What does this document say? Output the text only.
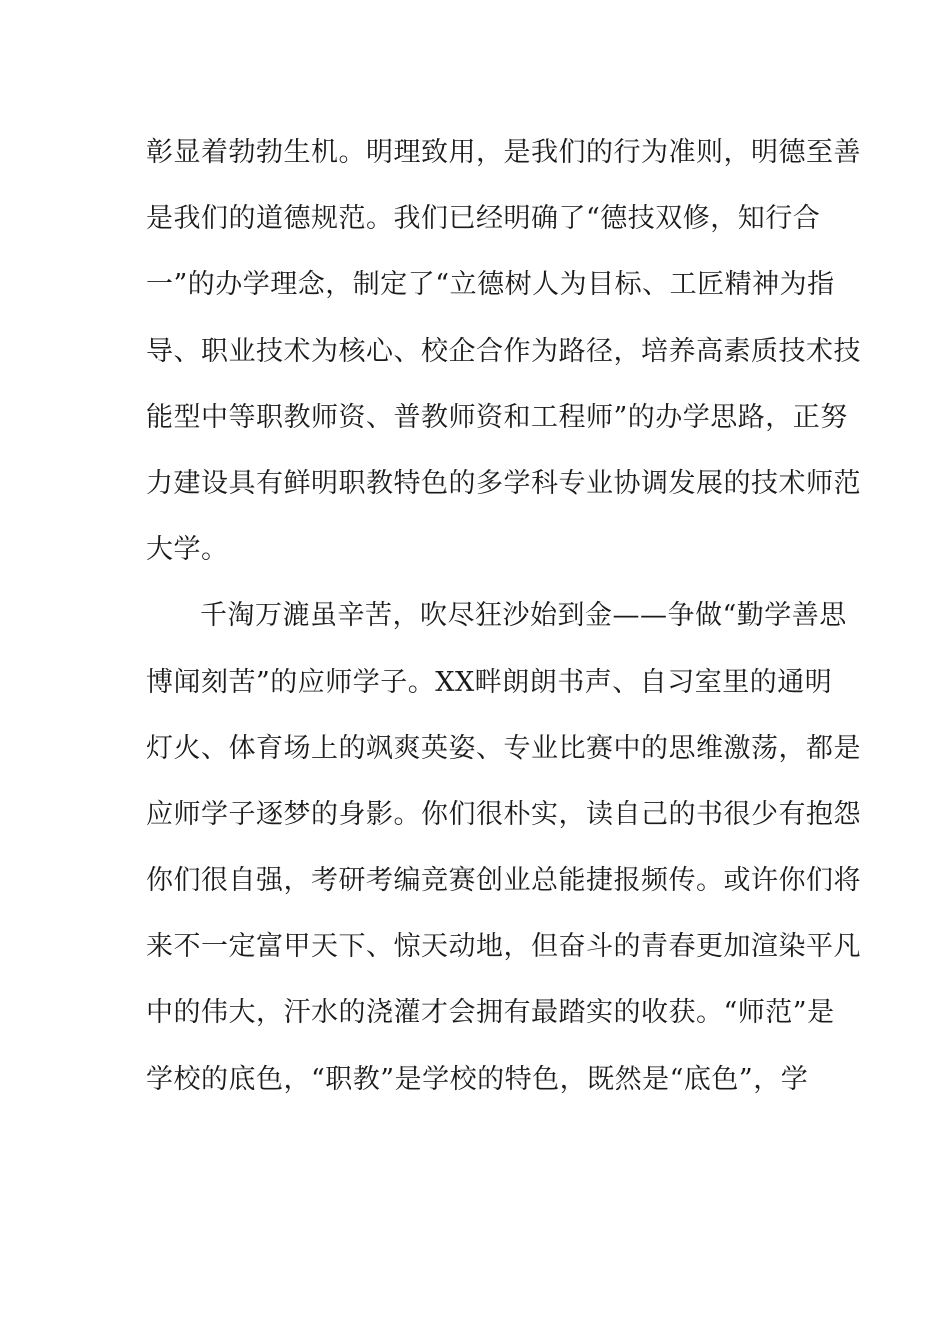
彰显着勃勃生机。明理致用，是我们的行为准则，明德至善
是我们的道德规范。我们已经明确了“德技双修，知行合
一”的办学理念，制定了“立德树人为目标、工匠精神为指
导、职业技术为核心、校企合作为路径，培养高素质技术技
能型中等职教师资、普教师资和工程师”的办学思路，正努
力建设具有鲜明职教特色的多学科专业协调发展的技术师范
大学。
千淘万漉虽辛苦，吹尽狂沙始到金——争做“勤学善思
博闻刻苦”的应师学子。XX畔朗朗书声、自习室里的通明
灯火、体育场上的飒爽英姿、专业比赛中的思维激荡，都是
应师学子逐梦的身影。你们很朴实，读自己的书很少有抱怨
你们很自强，考研考编竞赛创业总能捷报频传。或许你们将
来不一定富甲天下、惊天动地，但奋斗的青春更加渲染平凡
中的伟大，汗水的浇灌才会拥有最踏实的收获。“师范”是
学校的底色，“职教”是学校的特色，既然是“底色”，学
